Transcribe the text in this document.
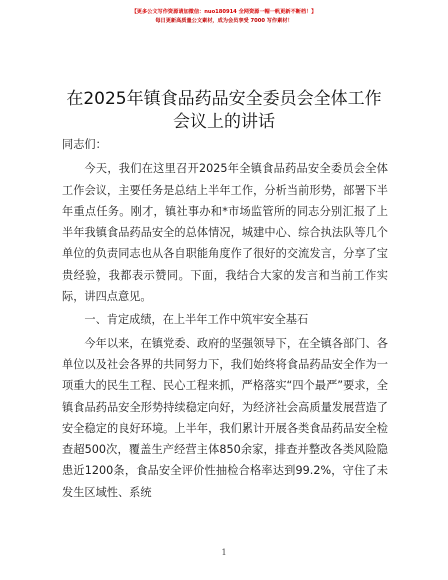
【更多公文写作资源请加微信：nuo180914 全网资源一帽一帆更新不断档！】
每日更新高质量公文素材，成为会员享受 7000 写作素材！
在2025年镇食品药品安全委员会全体工作会议上的讲话

同志们：

今天，我们在这里召开2025年全镇食品药品安全委员会全体工作会议，主要任务是总结上半年工作，分析当前形势，部署下半年重点任务。刚才，镇社事办和*市场监管所的同志分别汇报了上半年我镇食品药品安全的总体情况，城建中心、综合执法队等几个单位的负责同志也从各自职能角度作了很好的交流发言，分享了宝贵经验，我都表示赞同。下面，我结合大家的发言和当前工作实际，讲四点意见。

一、肯定成绩，在上半年工作中筑牢安全基石

今年以来，在镇党委、政府的坚强领导下，在全镇各部门、各单位以及社会各界的共同努力下，我们始终将食品药品安全作为一项重大的民生工程、民心工程来抓，严格落实“四个最严”要求，全镇食品药品安全形势持续稳定向好，为经济社会高质量发展营造了安全稳定的良好环境。上半年，我们累计开展各类食品药品安全检查超500次，覆盖生产经营主体850余家，排查并整改各类风险隐患近1200条，食品安全评价性抽检合格率达到99.2%，守住了未发生区域性、系统

1
